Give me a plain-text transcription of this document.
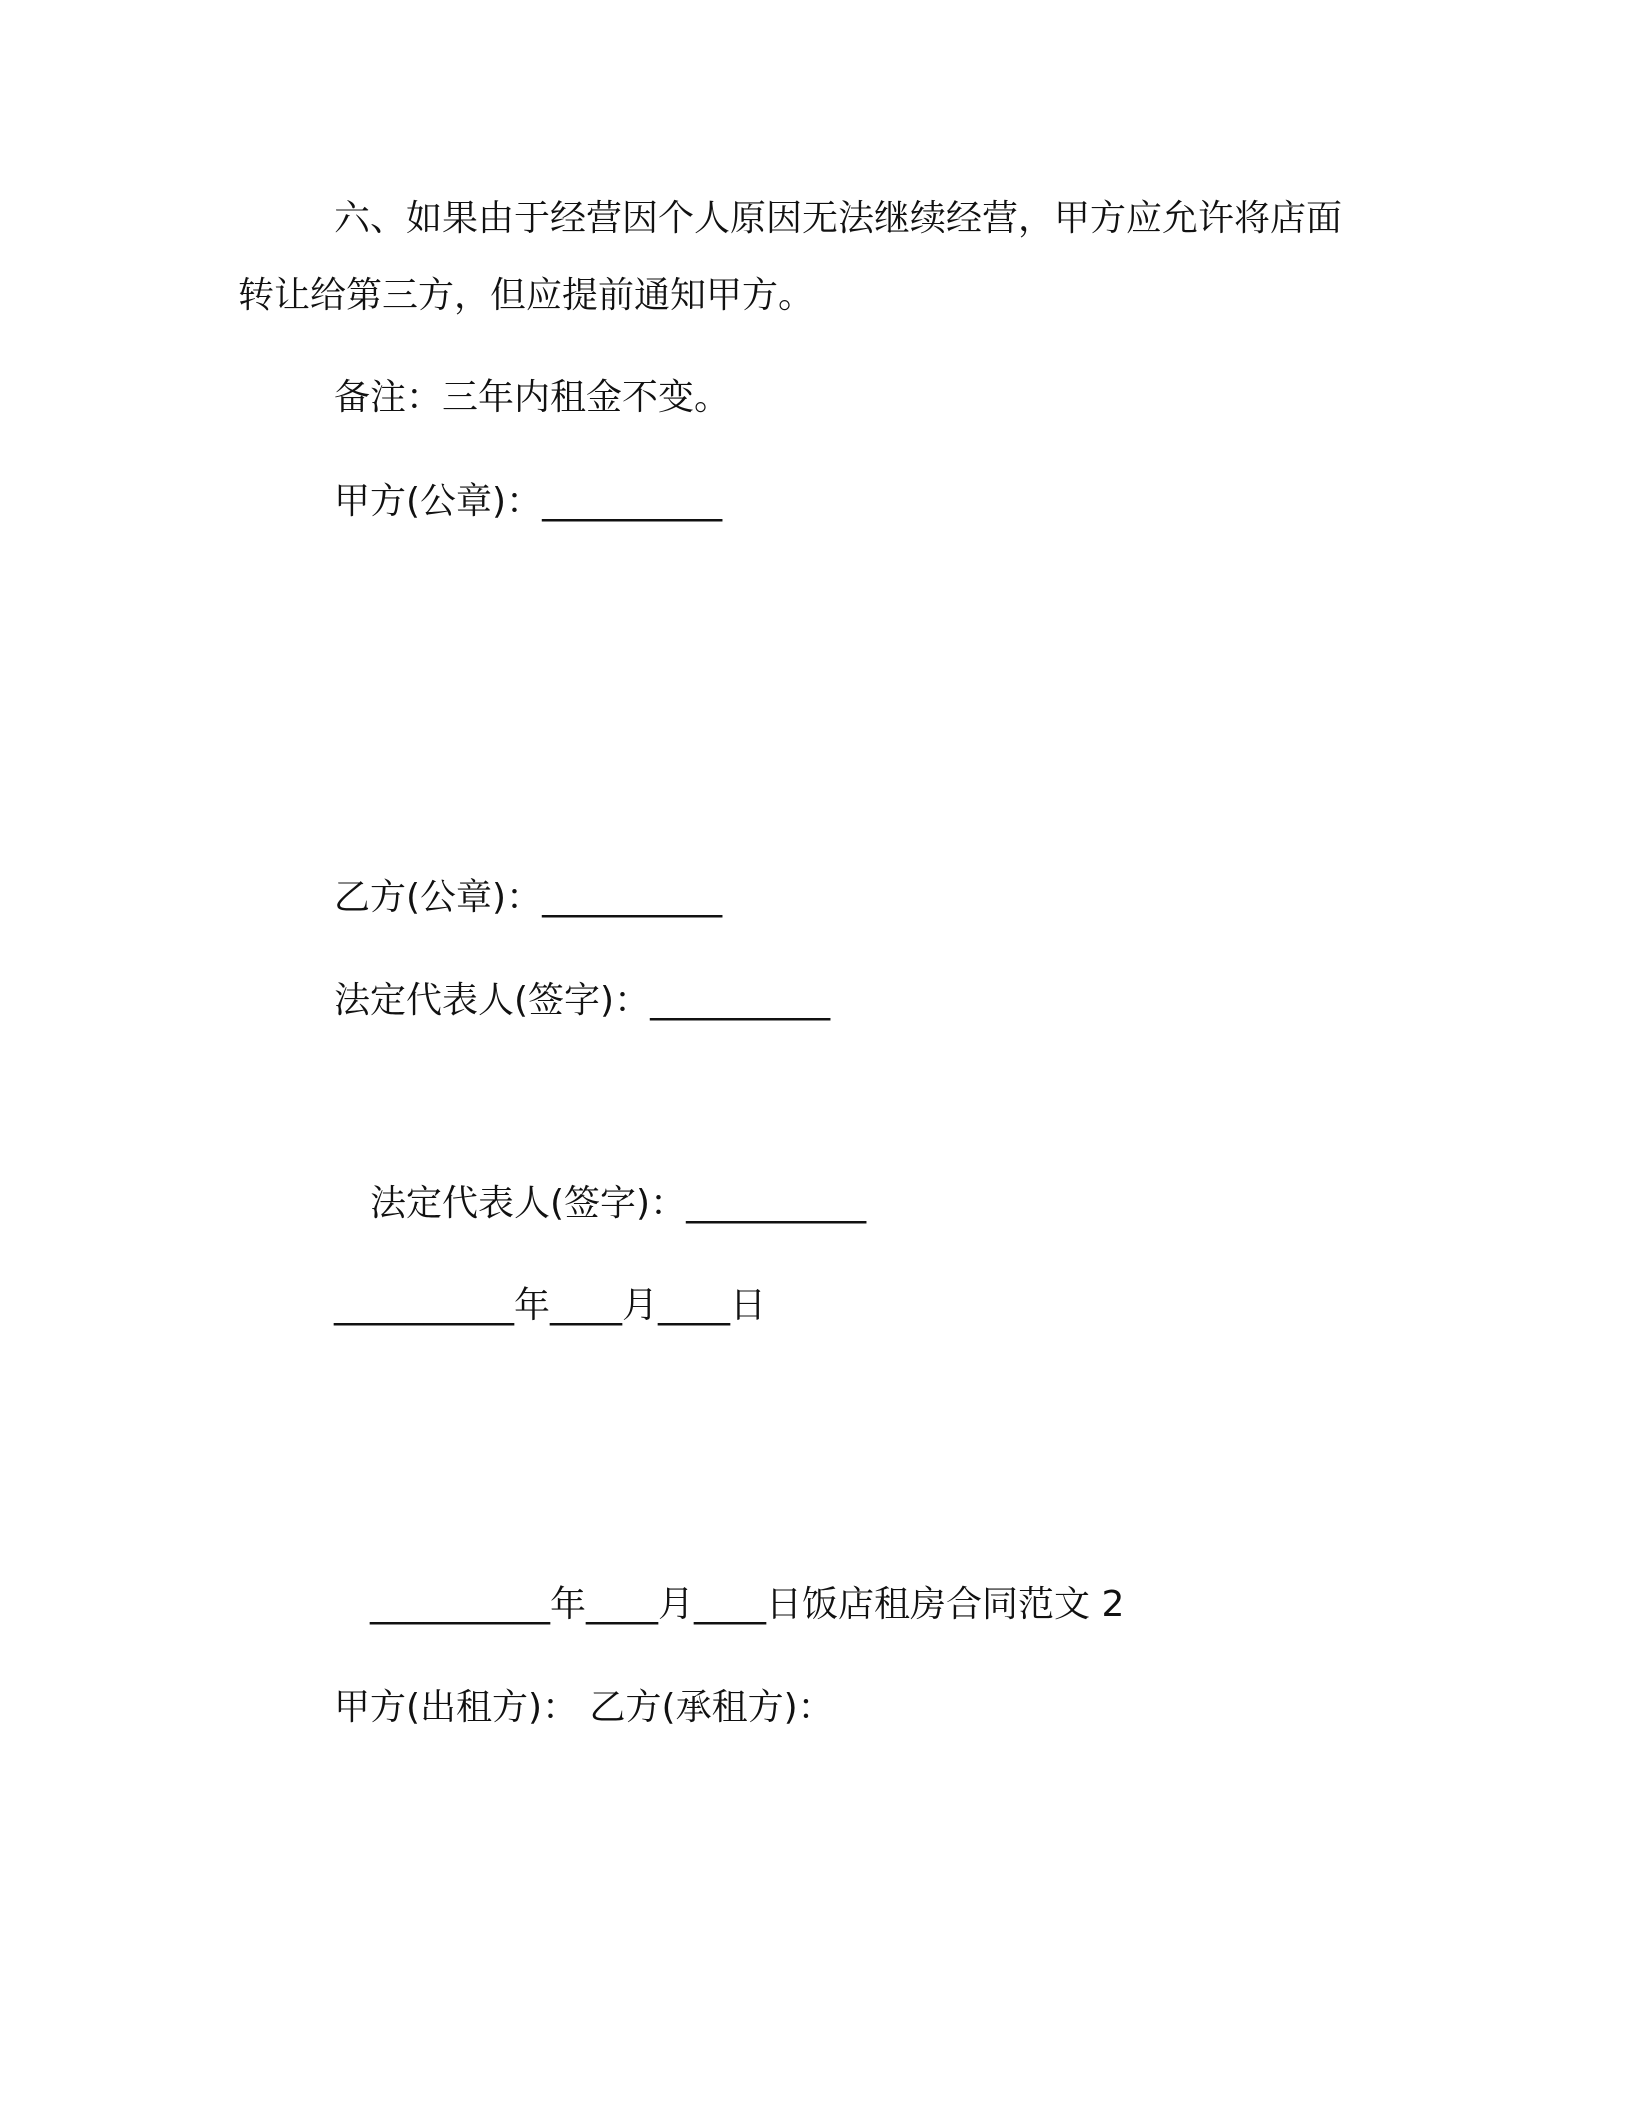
六、如果由于经营因个人原因无法继续经营，甲方应允许将店面
转让给第三方，但应提前通知甲方。
备注：三年内租金不变。
甲方(公章)：__________
乙方(公章)：__________
法定代表人(签字)：__________
法定代表人(签字)：__________
__________年____月____日
__________年____月____日饭店租房合同范文 2
甲方(出租方)： 乙方(承租方)：
